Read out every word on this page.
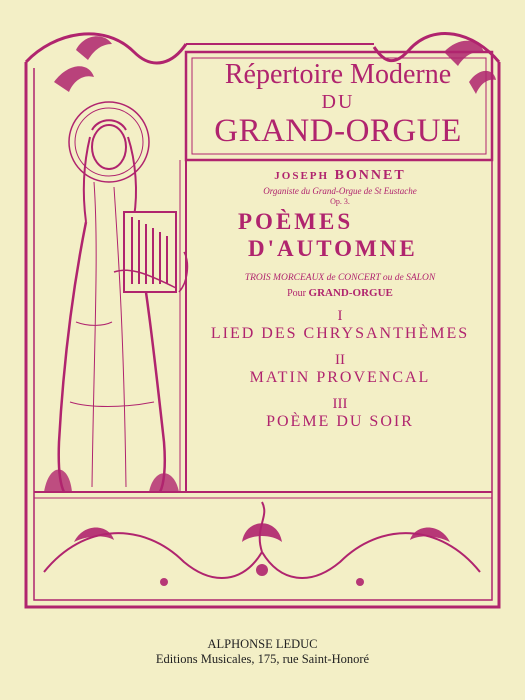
Répertoire Moderne
DU
GRAND-ORGUE
JOSEPH BONNET
Organiste du Grand-Orgue de St Eustache
Op. 3.
POÈMES
D'AUTOMNE
TROIS MORCEAUX de CONCERT ou de SALON
Pour GRAND-ORGUE
I
LIED DES CHRYSANTHÈMES
II
MATIN PROVENCAL
III
POÈME DU SOIR
ALPHONSE LEDUC
Editions Musicales, 175, rue Saint-Honoré
